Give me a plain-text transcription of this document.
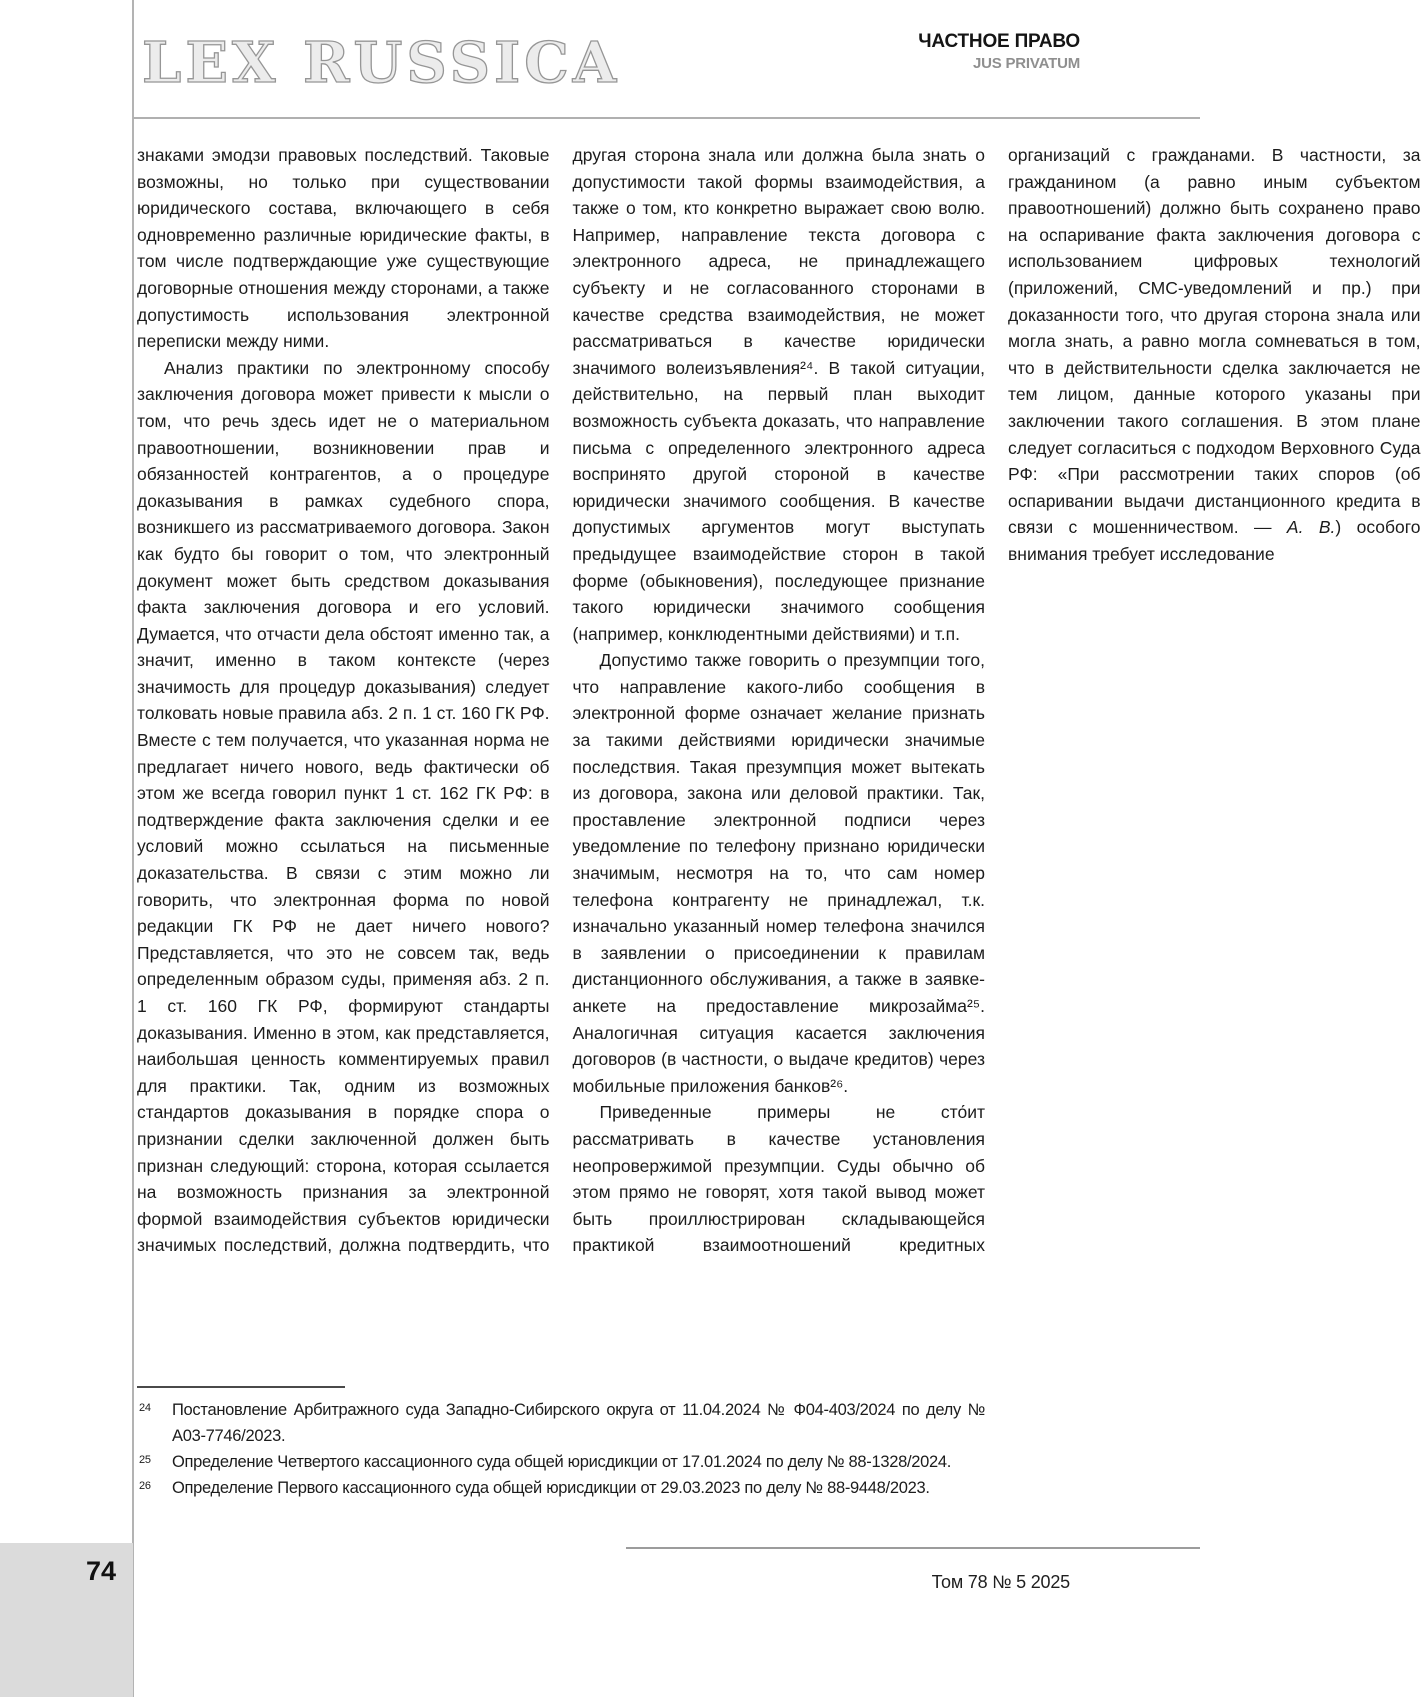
LEX RUSSICA	ЧАСТНОЕ ПРАВО
JUS PRIVATUM

знаками эмодзи правовых последствий. Таковые возможны, но только при существовании юридического состава, включающего в себя одновременно различные юридические факты, в том числе подтверждающие уже существующие договорные отношения между сторонами, а также допустимость использования электронной переписки между ними.

Анализ практики по электронному способу заключения договора может привести к мысли о том, что речь здесь идет не о материальном правоотношении, возникновении прав и обязанностей контрагентов, а о процедуре доказывания в рамках судебного спора, возникшего из рассматриваемого договора. Закон как будто бы говорит о том, что электронный документ может быть средством доказывания факта заключения договора и его условий. Думается, что отчасти дела обстоят именно так, а значит, именно в таком контексте (через значимость для процедур доказывания) следует толковать новые правила абз. 2 п. 1 ст. 160 ГК РФ. Вместе с тем получается, что указанная норма не предлагает ничего нового, ведь фактически об этом же всегда говорил пункт 1 ст. 162 ГК РФ: в подтверждение факта заключения сделки и ее условий можно ссылаться на письменные доказательства. В связи с этим можно ли говорить, что электронная форма по новой редакции ГК РФ не дает ничего нового? Представляется, что это не совсем так, ведь определенным образом суды, применяя абз. 2 п. 1 ст. 160 ГК РФ, формируют стандарты доказывания. Именно в этом, как представляется, наибольшая ценность комментируемых правил для практики. Так, одним из возможных стандартов доказывания в порядке спора о признании сделки заключенной должен быть признан следующий: сторона, которая ссылается на возможность признания за электронной формой взаимодействия субъектов юридически значимых последствий, должна подтвердить, что другая сторона знала или должна была знать о допустимости такой формы взаимодействия, а также о том, кто конкретно выражает свою волю. Например, направление текста договора с электронного адреса, не принадлежащего субъекту и не согласованного сторонами в качестве средства взаимодействия, не может рассматриваться в качестве юридически значимого волеизъявления²⁴. В такой ситуации, действительно, на первый план выходит возможность субъекта доказать, что направление письма с определенного электронного адреса воспринято другой стороной в качестве юридически значимого сообщения. В качестве допустимых аргументов могут выступать предыдущее взаимодействие сторон в такой форме (обыкновения), последующее признание такого юридически значимого сообщения (например, конклюдентными действиями) и т.п.

Допустимо также говорить о презумпции того, что направление какого-либо сообщения в электронной форме означает желание признать за такими действиями юридически значимые последствия. Такая презумпция может вытекать из договора, закона или деловой практики. Так, проставление электронной подписи через уведомление по телефону признано юридически значимым, несмотря на то, что сам номер телефона контрагенту не принадлежал, т.к. изначально указанный номер телефона значился в заявлении о присоединении к правилам дистанционного обслуживания, а также в заявке-анкете на предоставление микрозайма²⁵. Аналогичная ситуация касается заключения договоров (в частности, о выдаче кредитов) через мобильные приложения банков²⁶.

Приведенные примеры не сто́ит рассматривать в качестве установления неопровержимой презумпции. Суды обычно об этом прямо не говорят, хотя такой вывод может быть проиллюстрирован складывающейся практикой взаимоотношений кредитных организаций с гражданами. В частности, за гражданином (а равно иным субъектом правоотношений) должно быть сохранено право на оспаривание факта заключения договора с использованием цифровых технологий (приложений, СМС-уведомлений и пр.) при доказанности того, что другая сторона знала или могла знать, а равно могла сомневаться в том, что в действительности сделка заключается не тем лицом, данные которого указаны при заключении такого соглашения. В этом плане следует согласиться с подходом Верховного Суда РФ: «При рассмотрении таких споров (об оспаривании выдачи дистанционного кредита в связи с мошенничеством. — А. В.) особого внимания требует исследование

24	Постановление Арбитражного суда Западно-Сибирского округа от 11.04.2024 № Ф04-403/2024 по делу № А03-7746/2023.
25	Определение Четвертого кассационного суда общей юрисдикции от 17.01.2024 по делу № 88-1328/2024.
26	Определение Первого кассационного суда общей юрисдикции от 29.03.2023 по делу № 88-9448/2023.
74	Том 78 № 5 2025
